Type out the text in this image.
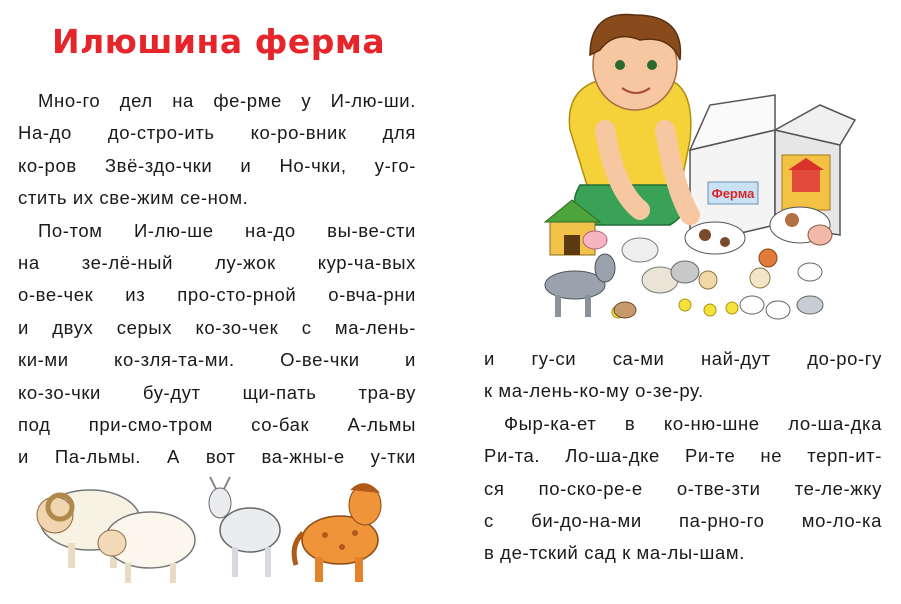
Илюшина ферма
Мно-го дел на фе-рме у И-лю-ши.
На-до до-стро-ить ко-ро-вник для
ко-ров Звё-здо-чки и Но-чки, у-го-
стить их све-жим се-ном.
По-том И-лю-ше на-до вы-ве-сти
на зе-лё-ный лу-жок кур-ча-вых
о-ве-чек из про-сто-рной о-вча-рни
и двух серых ко-зо-чек с ма-лень-
ки-ми ко-зля-та-ми. О-ве-чки и
ко-зо-чки бу-дут щи-пать тра-ву
под при-смо-тром со-бак А-льмы
и Па-льмы. А вот ва-жны-е у-тки
и гу-си са-ми най-дут до-ро-гу
к ма-лень-ко-му о-зе-ру.
Фыр-ка-ет в ко-ню-шне ло-ша-дка
Ри-та. Ло-ша-дке Ри-те не терп-ит-
ся по-ско-ре-е о-тве-зти те-ле-жку
с би-до-на-ми па-рно-го мо-ло-ка
в де-тский сад к ма-лы-шам.
Ферма
